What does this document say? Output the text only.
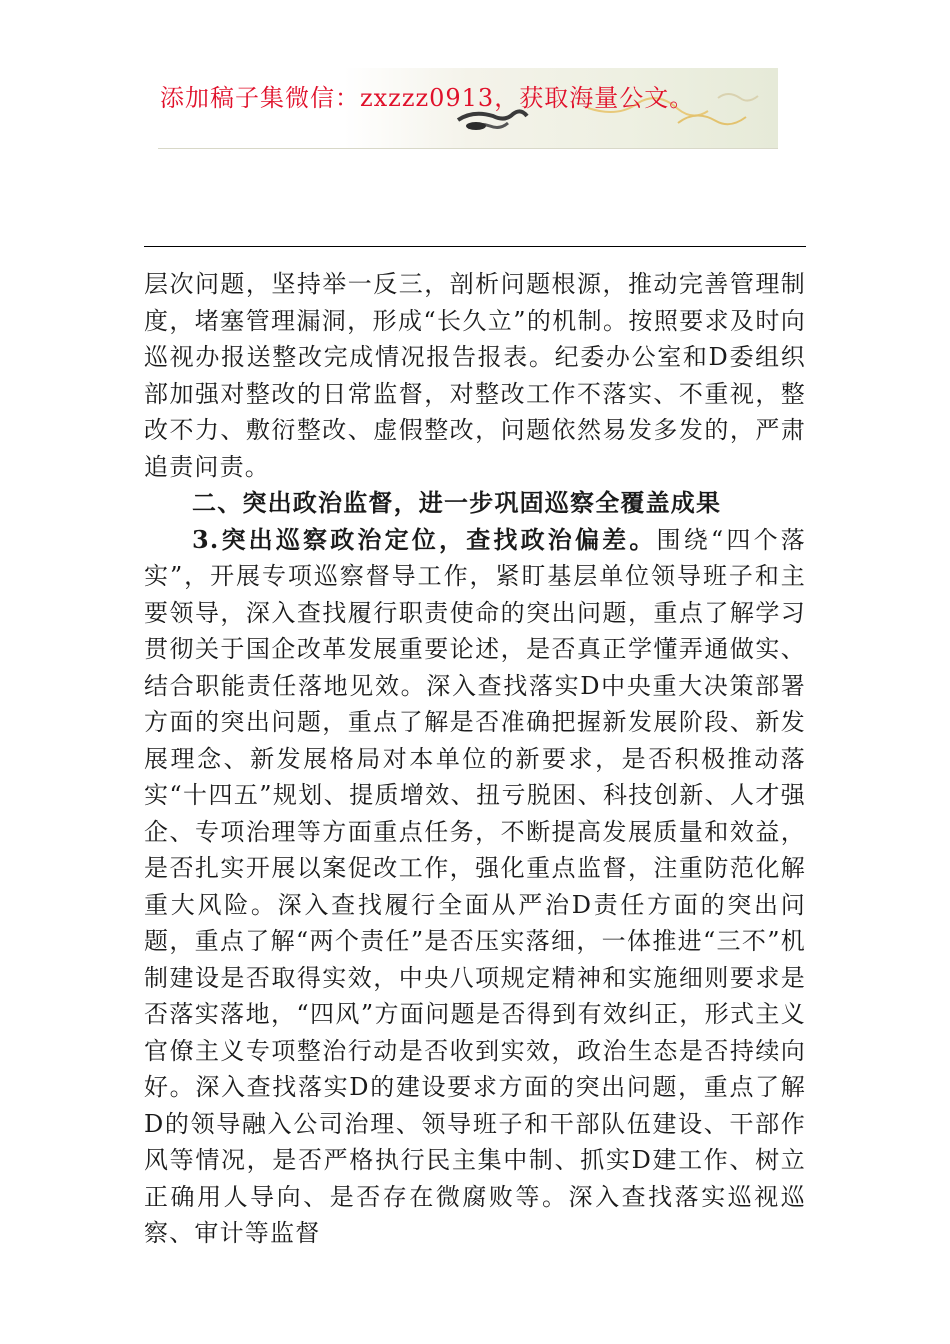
添加稿子集微信：zxzzz0913，获取海量公文。

层次问题，坚持举一反三，剖析问题根源，推动完善管理制度，堵塞管理漏洞，形成“长久立”的机制。按照要求及时向巡视办报送整改完成情况报告报表。纪委办公室和D委组织部加强对整改的日常监督，对整改工作不落实、不重视，整改不力、敷衍整改、虚假整改，问题依然易发多发的，严肃追责问责。

二、突出政治监督，进一步巩固巡察全覆盖成果

3.突出巡察政治定位，查找政治偏差。围绕“四个落实”，开展专项巡察督导工作，紧盯基层单位领导班子和主要领导，深入查找履行职责使命的突出问题，重点了解学习贯彻关于国企改革发展重要论述，是否真正学懂弄通做实、结合职能责任落地见效。深入查找落实D中央重大决策部署方面的突出问题，重点了解是否准确把握新发展阶段、新发展理念、新发展格局对本单位的新要求，是否积极推动落实“十四五”规划、提质增效、扭亏脱困、科技创新、人才强企、专项治理等方面重点任务，不断提高发展质量和效益，是否扎实开展以案促改工作，强化重点监督，注重防范化解重大风险。深入查找履行全面从严治D责任方面的突出问题，重点了解“两个责任”是否压实落细，一体推进“三不”机制建设是否取得实效，中央八项规定精神和实施细则要求是否落实落地，“四风”方面问题是否得到有效纠正，形式主义官僚主义专项整治行动是否收到实效，政治生态是否持续向好。深入查找落实D的建设要求方面的突出问题，重点了解D的领导融入公司治理、领导班子和干部队伍建设、干部作风等情况，是否严格执行民主集中制、抓实D建工作、树立正确用人导向、是否存在微腐败等。深入查找落实巡视巡察、审计等监督
